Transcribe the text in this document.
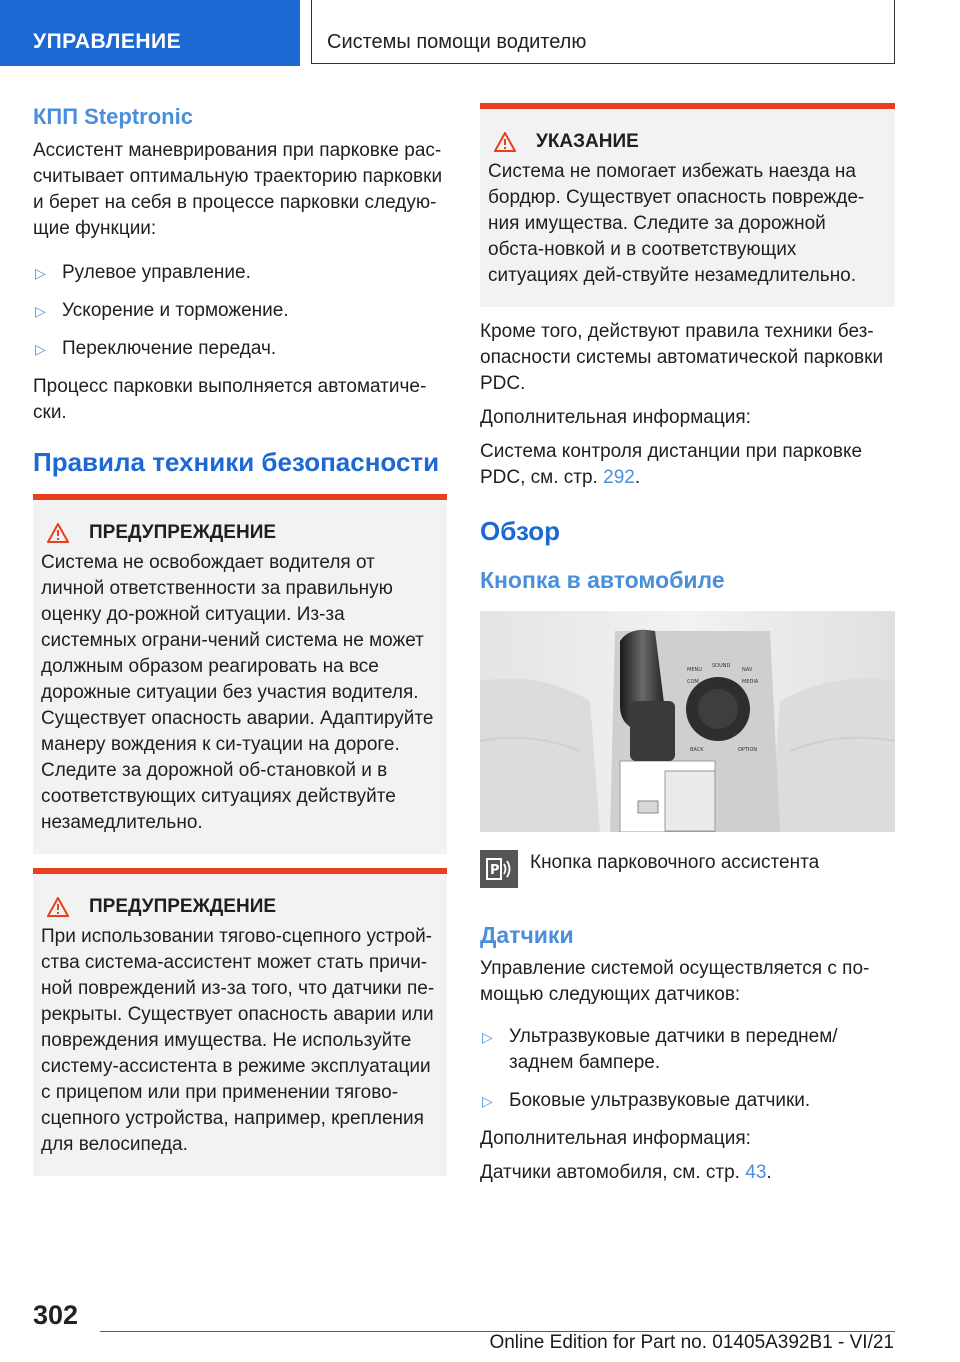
УПРАВЛЕНИЕ	Системы помощи водителю
КПП Steptronic

Ассистент маневрирования при парковке рас-считывает оптимальную траекторию парковки и берет на себя в процессе парковки следую-щие функции:

▷ Рулевое управление.
▷ Ускорение и торможение.
▷ Переключение передач.

Процесс парковки выполняется автоматиче-ски.

Правила техники безопасности
ПРЕДУПРЕЖДЕНИЕ

Система не освобождает водителя от личной ответственности за правильную оценку до-рожной ситуации. Из-за системных ограни-чений система не может должным образом реагировать на все дорожные ситуации без участия водителя. Существует опасность аварии. Адаптируйте манеру вождения к си-туации на дороге. Следите за дорожной об-становкой и в соответствующих ситуациях действуйте незамедлительно.

ПРЕДУПРЕЖДЕНИЕ

При использовании тягово-сцепного устрой-ства система-ассистент может стать причи-ной повреждений из-за того, что датчики пе-рекрыты. Существует опасность аварии или повреждения имущества. Не используйте систему-ассистента в режиме эксплуатации с прицепом или при применении тягово-сцепного устройства, например, крепления для велосипеда.

УКАЗАНИЕ

Система не помогает избежать наезда на бордюр. Существует опасность поврежде-ния имущества. Следите за дорожной обста-новкой и в соответствующих ситуациях дей-ствуйте незамедлительно.

Кроме того, действуют правила техники без-опасности системы автоматической парковки PDC.

Дополнительная информация:

Система контроля дистанции при парковке PDC, см. стр. 292.

Обзор
Кнопка в автомобиле
MENU
SOUND
COM
NAV
MEDIA
BACK	OPTION
P Кнопка парковочного ассистента
Датчики

Управление системой осуществляется с по-мощью следующих датчиков:

▷ Ультразвуковые датчики в переднем/ заднем бампере.
▷ Боковые ультразвуковые датчики.

Дополнительная информация:

Датчики автомобиля, см. стр. 43.

302
Online Edition for Part no. 01405A392B1 - VI/21
